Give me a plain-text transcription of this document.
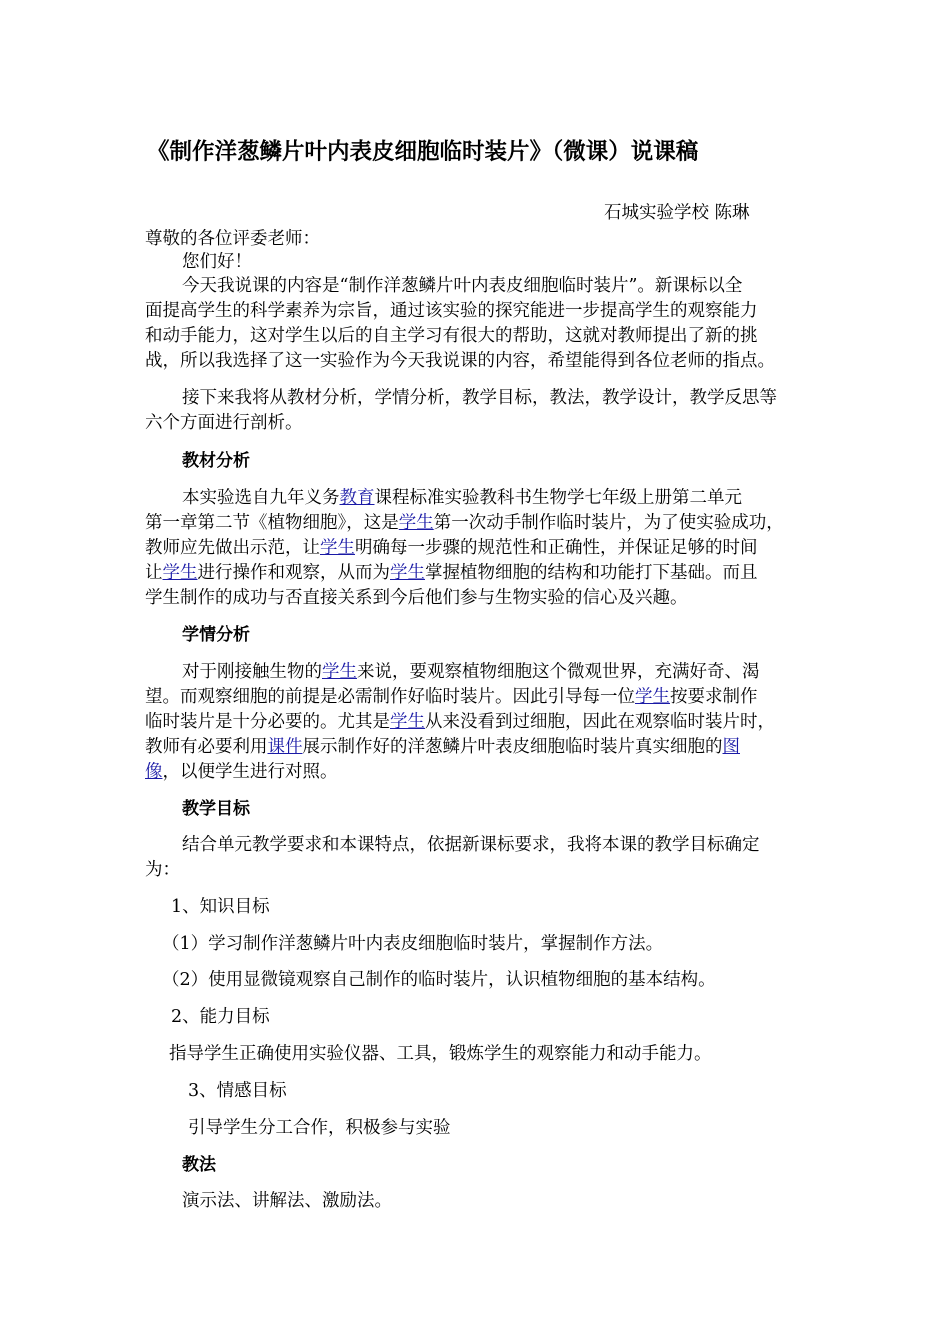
《制作洋葱鳞片叶内表皮细胞临时装片》（微课）说课稿

石城实验学校 陈琳

尊敬的各位评委老师：

您们好！

今天我说课的内容是“制作洋葱鳞片叶内表皮细胞临时装片”。新课标以全

面提高学生的科学素养为宗旨，通过该实验的探究能进一步提高学生的观察能力

和动手能力，这对学生以后的自主学习有很大的帮助，这就对教师提出了新的挑

战，所以我选择了这一实验作为今天我说课的内容，希望能得到各位老师的指点。

接下来我将从教材分析，学情分析，教学目标，教法，教学设计，教学反思等

六个方面进行剖析。

教材分析

本实验选自九年义务教育课程标准实验教科书生物学七年级上册第二单元

第一章第二节《植物细胞》，这是学生第一次动手制作临时装片，为了使实验成功，

教师应先做出示范，让学生明确每一步骤的规范性和正确性，并保证足够的时间

让学生进行操作和观察，从而为学生掌握植物细胞的结构和功能打下基础。而且

学生制作的成功与否直接关系到今后他们参与生物实验的信心及兴趣。

学情分析

对于刚接触生物的学生来说，要观察植物细胞这个微观世界，充满好奇、渴

望。而观察细胞的前提是必需制作好临时装片。因此引导每一位学生按要求制作

临时装片是十分必要的。尤其是学生从来没看到过细胞，因此在观察临时装片时，

教师有必要利用课件展示制作好的洋葱鳞片叶表皮细胞临时装片真实细胞的图

像，以便学生进行对照。

教学目标

结合单元教学要求和本课特点，依据新课标要求，我将本课的教学目标确定

为：

1、知识目标

（1）学习制作洋葱鳞片叶内表皮细胞临时装片，掌握制作方法。

（2）使用显微镜观察自己制作的临时装片，认识植物细胞的基本结构。

2、能力目标

指导学生正确使用实验仪器、工具，锻炼学生的观察能力和动手能力。

3、情感目标

引导学生分工合作，积极参与实验

教法

演示法、讲解法、激励法。
